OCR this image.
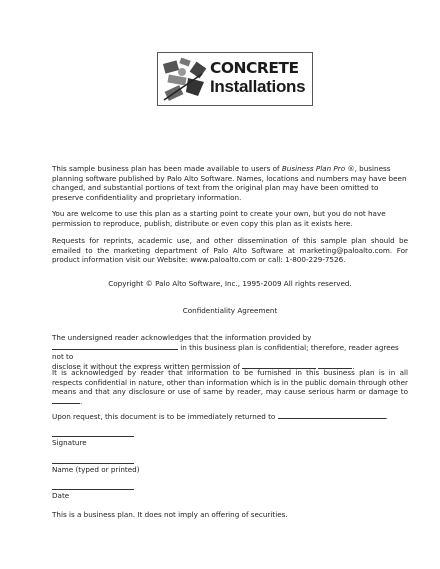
CONCRETE
Installations

This sample business plan has been made available to users of Business Plan Pro ®, business planning software published by Palo Alto Software. Names, locations and numbers may have been changed, and substantial portions of text from the original plan may have been omitted to preserve confidentiality and proprietary information.

You are welcome to use this plan as a starting point to create your own, but you do not have permission to reproduce, publish, distribute or even copy this plan as it exists here.

Requests for reprints, academic use, and other dissemination of this sample plan should be emailed to the marketing department of Palo Alto Software at marketing@paloalto.com. For product information visit our Website: www.paloalto.com or call: 1-800-229-7526.

Copyright © Palo Alto Software, Inc., 1995-2009 All rights reserved.

Confidentiality Agreement

The undersigned reader acknowledges that the information provided by
in this business plan is confidential; therefore, reader agrees not to
disclose it without the express written permission of	.

It is acknowledged by reader that information to be furnished in this business plan is in all respects confidential in nature, other than information which is in the public domain through other means and that any disclosure or use of same by reader, may cause serious harm or damage to .

Upon request, this document is to be immediately returned to	.

Signature
Name (typed or printed)
Date

This is a business plan. It does not imply an offering of securities.
